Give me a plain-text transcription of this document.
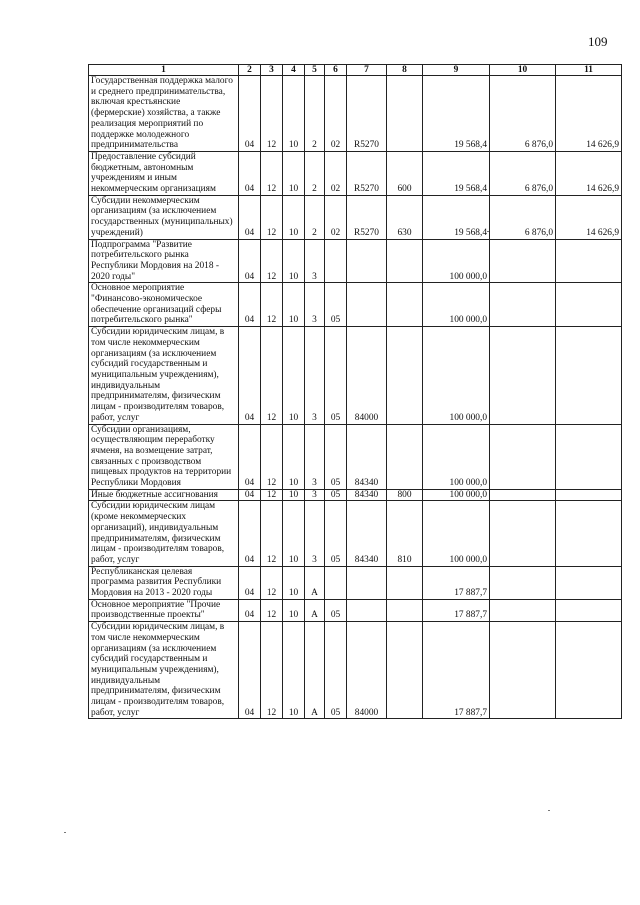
109
1	2	3	4	5	6	7	8	9	10	11
Государственная поддержка малого и среднего предпринимательства, включая крестьянские (фермерские) хозяйства, а также реализация мероприятий по поддержке молодежного предпринимательства	04	12	10	2	02	R5270		19 568,4	6 876,0	14 626,9
Предоставление субсидий бюджетным, автономным учреждениям и иным некоммерческим организациям	04	12	10	2	02	R5270	600	19 568,4	6 876,0	14 626,9
Субсидии некоммерческим организациям (за исключением государственных (муниципальных) учреждений)	04	12	10	2	02	R5270	630	19 568,4	6 876,0	14 626,9
Подпрограмма "Развитие потребительского рынка Республики Мордовия на 2018 - 2020 годы"	04	12	10	3				100 000,0		
Основное мероприятие "Финансово-экономическое обеспечение организаций сферы потребительского рынка"	04	12	10	3	05			100 000,0		
Субсидии юридическим лицам, в том числе некоммерческим организациям (за исключением субсидий государственным и муниципальным учреждениям), индивидуальным предпринимателям, физическим лицам - производителям товаров, работ, услуг	04	12	10	3	05	84000		100 000,0		
Субсидии организациям, осуществляющим переработку ячменя, на возмещение затрат, связанных с производством пищевых продуктов на территории Республики Мордовия	04	12	10	3	05	84340		100 000,0		
Иные бюджетные ассигнования	04	12	10	3	05	84340	800	100 000,0		
Субсидии юридическим лицам (кроме некоммерческих организаций), индивидуальным предпринимателям, физическим лицам - производителям товаров, работ, услуг	04	12	10	3	05	84340	810	100 000,0		
Республиканская целевая программа развития Республики Мордовия на 2013 - 2020 годы	04	12	10	А				17 887,7		
Основное мероприятие "Прочие производственные проекты"	04	12	10	А	05			17 887,7		
Субсидии юридическим лицам, в том числе некоммерческим организациям (за исключением субсидий государственным и муниципальным учреждениям), индивидуальным предпринимателям, физическим лицам - производителям товаров, работ, услуг	04	12	10	А	05	84000		17 887,7		
